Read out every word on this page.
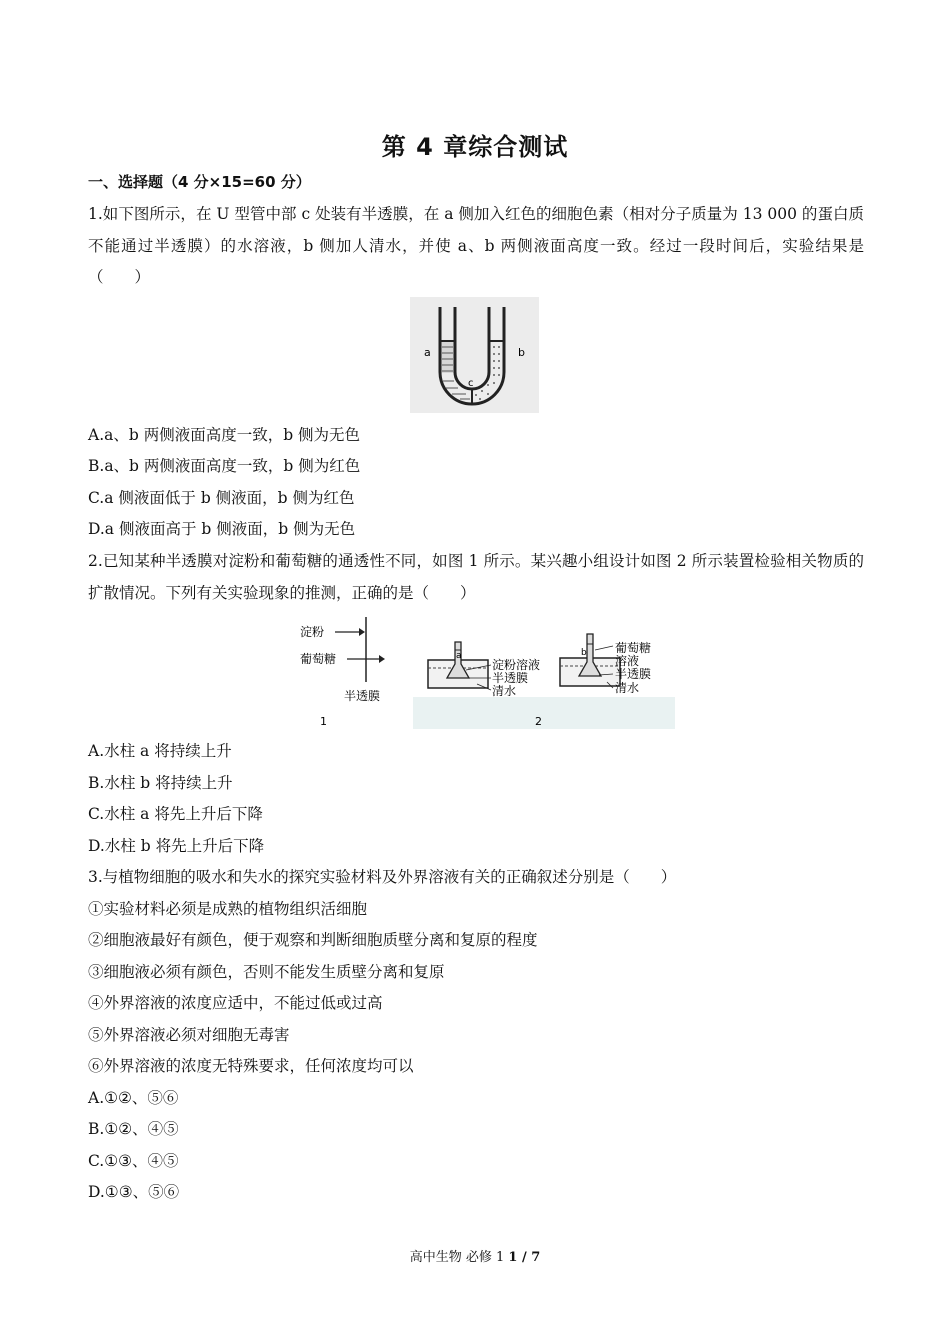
第 4 章综合测试
一、选择题（4 分×15=60 分）
1.如下图所示，在 U 型管中部 c 处装有半透膜，在 a 侧加入红色的细胞色素（相对分子质量为 13 000 的蛋白质不能通过半透膜）的水溶液，b 侧加人清水，并使 a、b 两侧液面高度一致。经过一段时间后，实验结果是（　　）
a	b
c
A.a、b 两侧液面高度一致，b 侧为无色
B.a、b 两侧液面高度一致，b 侧为红色
C.a 侧液面低于 b 侧液面，b 侧为红色
D.a 侧液面高于 b 侧液面，b 侧为无色
2.已知某种半透膜对淀粉和葡萄糖的通透性不同，如图 1 所示。某兴趣小组设计如图 2 所示装置检验相关物质的扩散情况。下列有关实验现象的推测，正确的是（　　）
淀粉
葡萄糖
半透膜
1
a
淀粉溶液
半透膜
清水
2
b 葡萄糖
溶液
半透膜
清水
A.水柱 a 将持续上升
B.水柱 b 将持续上升
C.水柱 a 将先上升后下降
D.水柱 b 将先上升后下降
3.与植物细胞的吸水和失水的探究实验材料及外界溶液有关的正确叙述分别是（　　）
①实验材料必须是成熟的植物组织活细胞
②细胞液最好有颜色，便于观察和判断细胞质壁分离和复原的程度
③细胞液必须有颜色，否则不能发生质壁分离和复原
④外界溶液的浓度应适中，不能过低或过高
⑤外界溶液必须对细胞无毒害
⑥外界溶液的浓度无特殊要求，任何浓度均可以
A.①②、⑤⑥
B.①②、④⑤
C.①③、④⑤
D.①③、⑤⑥
高中生物 必修 1 1 / 7
